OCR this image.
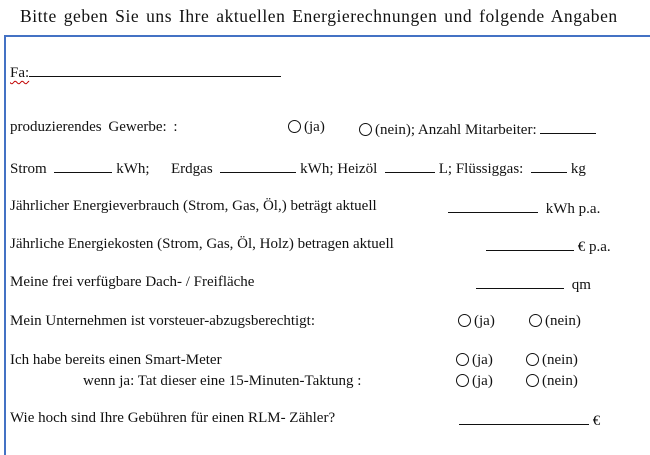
Bitte geben Sie uns Ihre aktuellen Energierechnungen und folgende Angaben
Fa:
produzierendes Gewerbe: :	(ja)	(nein); Anzahl Mitarbeiter:
Strom	kWh; Erdgas	kWh; Heizöl	L; Flüssiggas:	kg
Jährlicher Energieverbrauch (Strom, Gas, Öl,) beträgt aktuell	kWh p.a.
Jährliche Energiekosten (Strom, Gas, Öl, Holz) betragen aktuell	€ p.a.
Meine frei verfügbare Dach- / Freifläche	qm
Mein Unternehmen ist vorsteuer-abzugsberechtigt:	(ja)	(nein)
Ich habe bereits einen Smart-Meter	(ja)	(nein)
wenn ja: Tat dieser eine 15-Minuten-Taktung :	(ja)	(nein)
Wie hoch sind Ihre Gebühren für einen RLM- Zähler?	€
